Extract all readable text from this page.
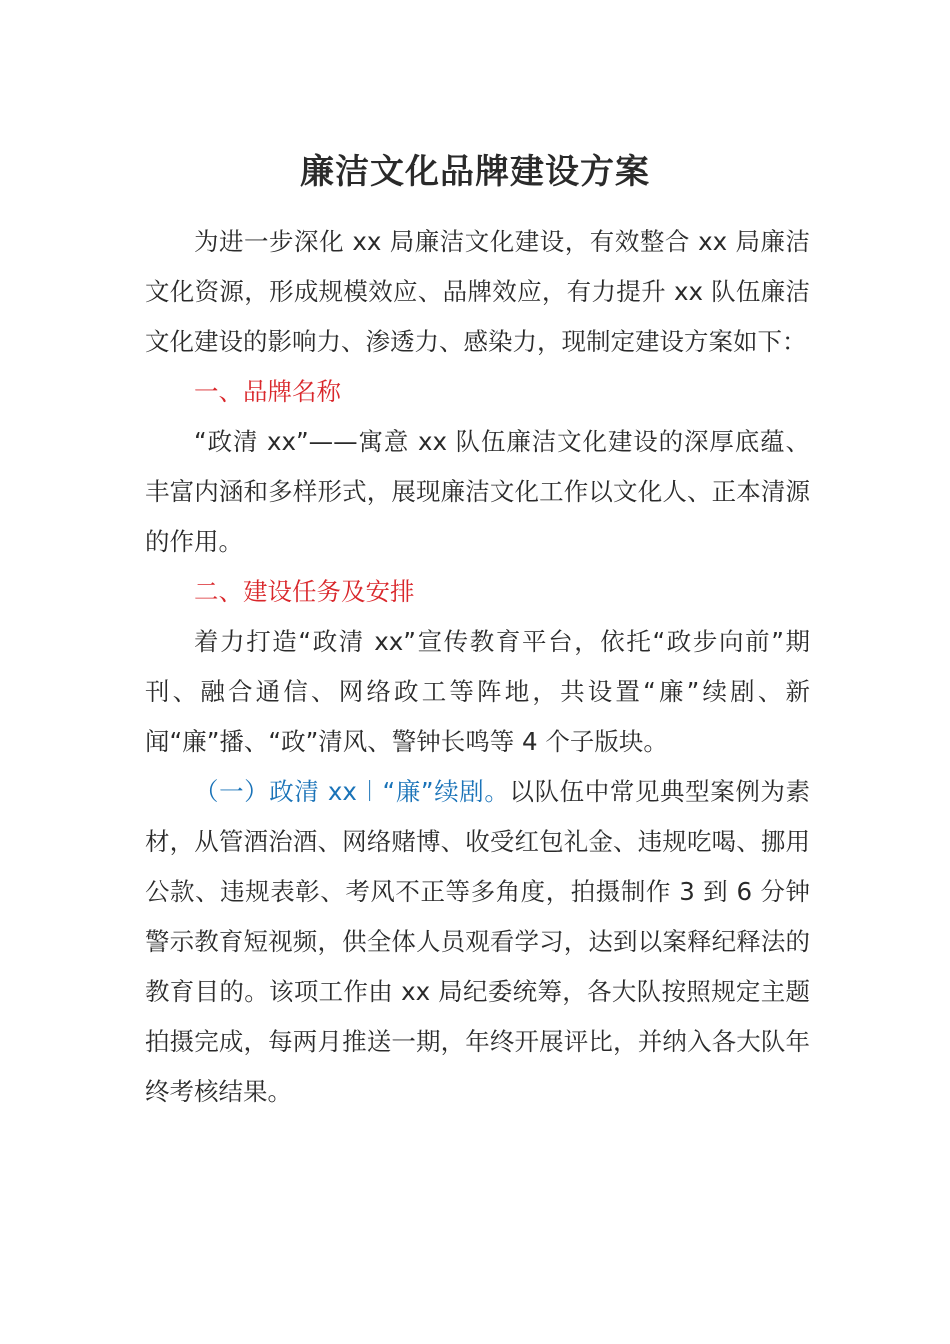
廉洁文化品牌建设方案

为进一步深化 xx 局廉洁文化建设，有效整合 xx 局廉洁文化资源，形成规模效应、品牌效应，有力提升 xx 队伍廉洁文化建设的影响力、渗透力、感染力，现制定建设方案如下：

一、品牌名称

“政清 xx”——寓意 xx 队伍廉洁文化建设的深厚底蕴、丰富内涵和多样形式，展现廉洁文化工作以文化人、正本清源的作用。

二、建设任务及安排

着力打造“政清 xx”宣传教育平台，依托“政步向前”期刊、融合通信、网络政工等阵地，共设置“廉”续剧、新闻“廉”播、“政”清风、警钟长鸣等 4 个子版块。

（一）政清 xx︱“廉”续剧。以队伍中常见典型案例为素材，从管酒治酒、网络赌博、收受红包礼金、违规吃喝、挪用公款、违规表彰、考风不正等多角度，拍摄制作 3 到 6 分钟警示教育短视频，供全体人员观看学习，达到以案释纪释法的教育目的。该项工作由 xx 局纪委统筹，各大队按照规定主题拍摄完成，每两月推送一期，年终开展评比，并纳入各大队年终考核结果。
